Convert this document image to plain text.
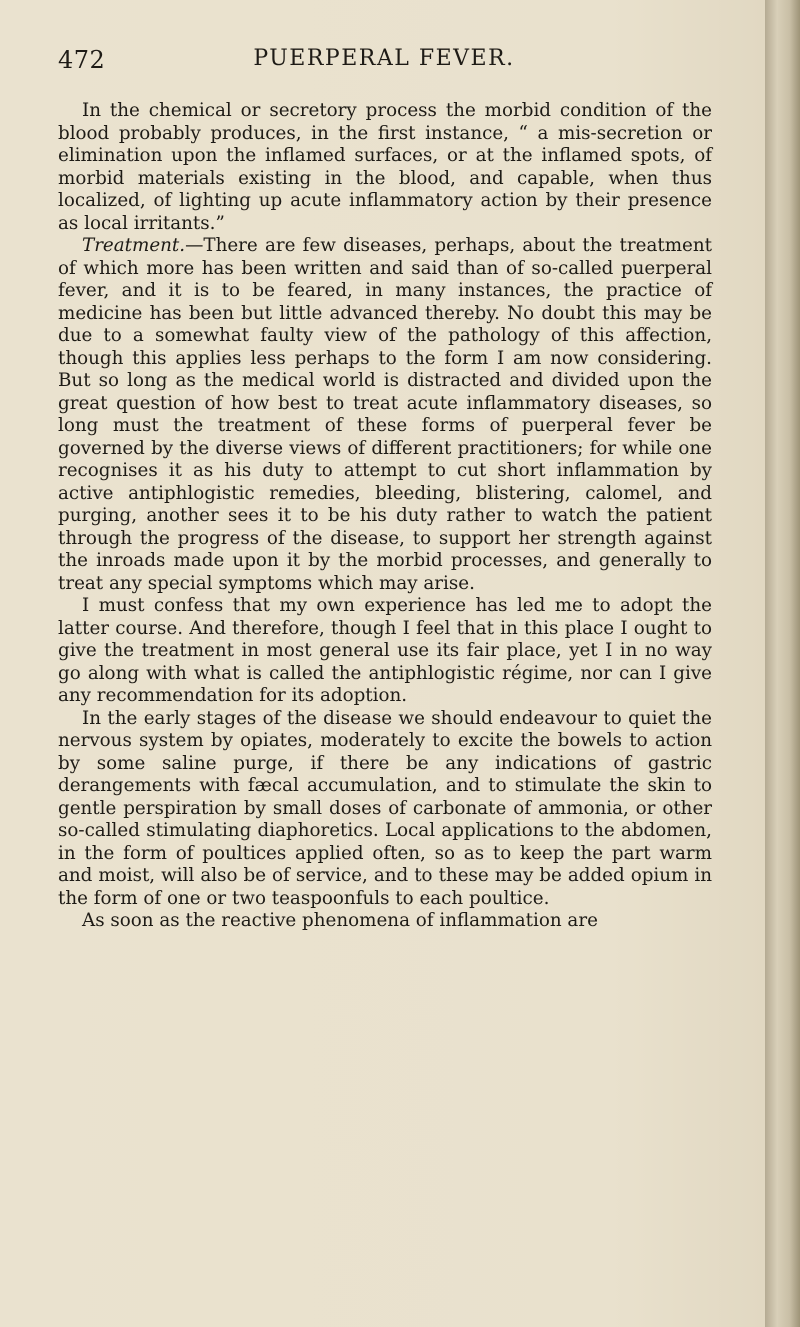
472	PUERPERAL FEVER.

In the chemical or secretory process the morbid condition of the blood probably produces, in the first instance, “ a mis-secretion or elimination upon the inflamed surfaces, or at the inflamed spots, of morbid materials existing in the blood, and capable, when thus localized, of lighting up acute inflammatory action by their presence as local irritants.”

Treatment.—There are few diseases, perhaps, about the treatment of which more has been written and said than of so-called puerperal fever, and it is to be feared, in many instances, the practice of medicine has been but little advanced thereby. No doubt this may be due to a somewhat faulty view of the pathology of this affection, though this applies less perhaps to the form I am now considering. But so long as the medical world is distracted and divided upon the great question of how best to treat acute inflammatory diseases, so long must the treatment of these forms of puerperal fever be governed by the diverse views of different practitioners; for while one recognises it as his duty to attempt to cut short inflammation by active antiphlogistic remedies, bleeding, blistering, calomel, and purging, another sees it to be his duty rather to watch the patient through the progress of the disease, to support her strength against the inroads made upon it by the morbid processes, and generally to treat any special symptoms which may arise.

I must confess that my own experience has led me to adopt the latter course. And therefore, though I feel that in this place I ought to give the treatment in most general use its fair place, yet I in no way go along with what is called the antiphlogistic régime, nor can I give any recommendation for its adoption.

In the early stages of the disease we should endeavour to quiet the nervous system by opiates, moderately to excite the bowels to action by some saline purge, if there be any indications of gastric derangements with fæcal accumulation, and to stimulate the skin to gentle perspiration by small doses of carbonate of ammonia, or other so-called stimulating diaphoretics. Local applications to the abdomen, in the form of poultices applied often, so as to keep the part warm and moist, will also be of service, and to these may be added opium in the form of one or two teaspoonfuls to each poultice.

As soon as the reactive phenomena of inflammation are
